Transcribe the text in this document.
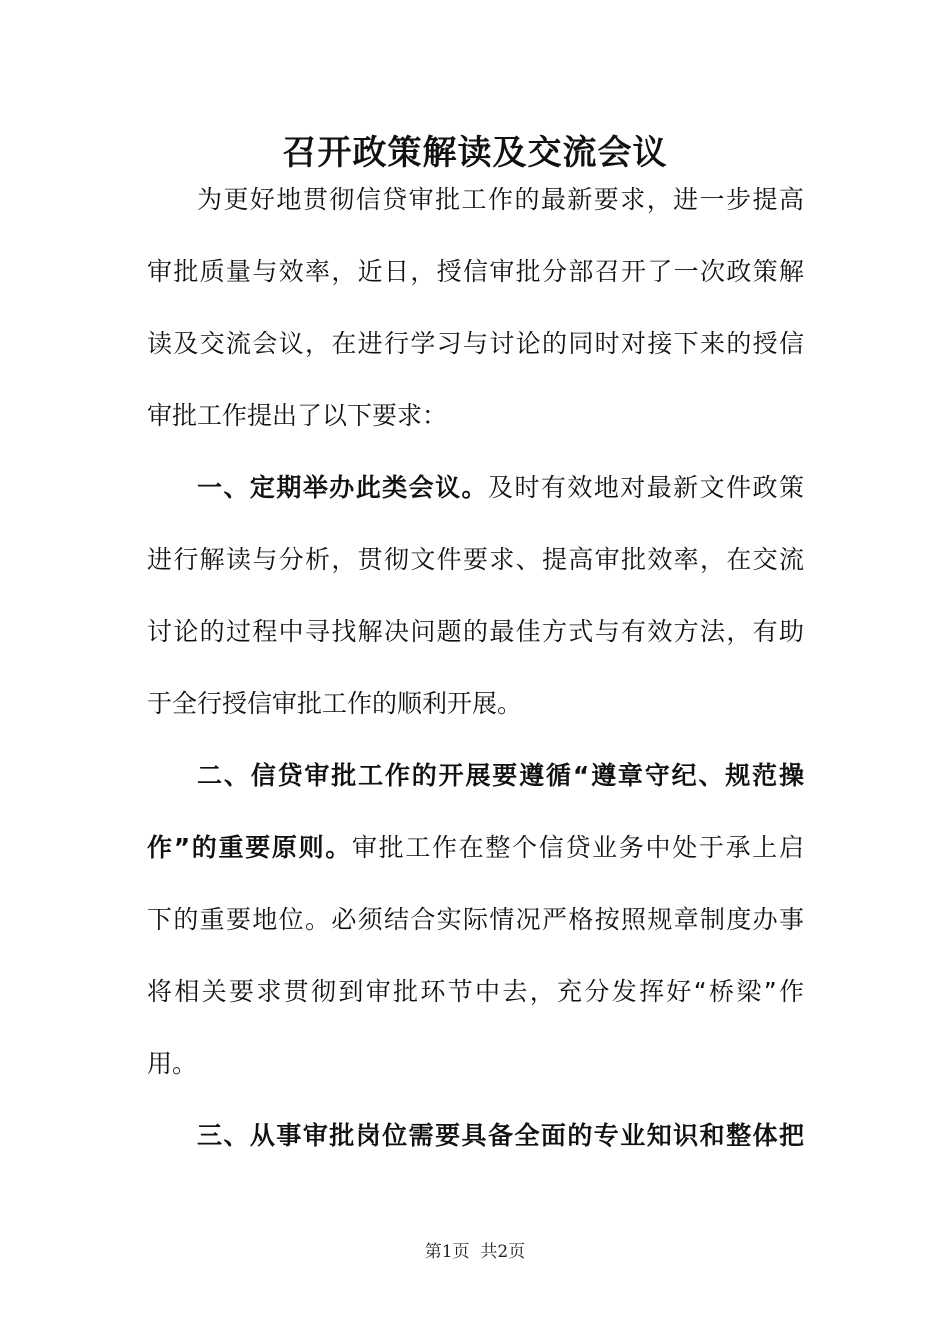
召开政策解读及交流会议
为更好地贯彻信贷审批工作的最新要求，进一步提高
审批质量与效率，近日，授信审批分部召开了一次政策解
读及交流会议，在进行学习与讨论的同时对接下来的授信
审批工作提出了以下要求：
一、定期举办此类会议。及时有效地对最新文件政策
进行解读与分析，贯彻文件要求、提高审批效率，在交流
讨论的过程中寻找解决问题的最佳方式与有效方法，有助
于全行授信审批工作的顺利开展。
二、信贷审批工作的开展要遵循“遵章守纪、规范操
作”的重要原则。审批工作在整个信贷业务中处于承上启
下的重要地位。必须结合实际情况严格按照规章制度办事
将相关要求贯彻到审批环节中去，充分发挥好“桥梁”作
用。
三、从事审批岗位需要具备全面的专业知识和整体把
第1页  共2页
